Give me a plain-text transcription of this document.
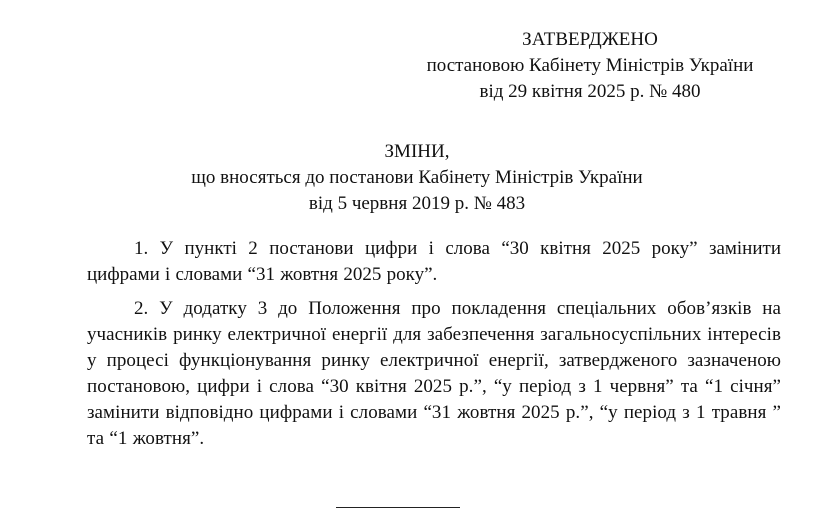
ЗАТВЕРДЖЕНО
постановою Кабінету Міністрів України
від 29 квітня 2025 р. № 480
ЗМІНИ,
що вносяться до постанови Кабінету Міністрів України
від 5 червня 2019 р. № 483

1. У пункті 2 постанови цифри і слова “30 квітня 2025 року” замінити цифрами і словами “31 жовтня 2025 року”.

2. У додатку 3 до Положення про покладення спеціальних обов’язків на учасників ринку електричної енергії для забезпечення загальносуспільних інтересів у процесі функціонування ринку електричної енергії, затвердженого зазначеною постановою, цифри і слова “30 квітня 2025 р.”, “у період з 1 червня” та “1 січня” замінити відповідно цифрами і словами “31 жовтня 2025 р.”, “у період з 1 травня ” та “1 жовтня”.
